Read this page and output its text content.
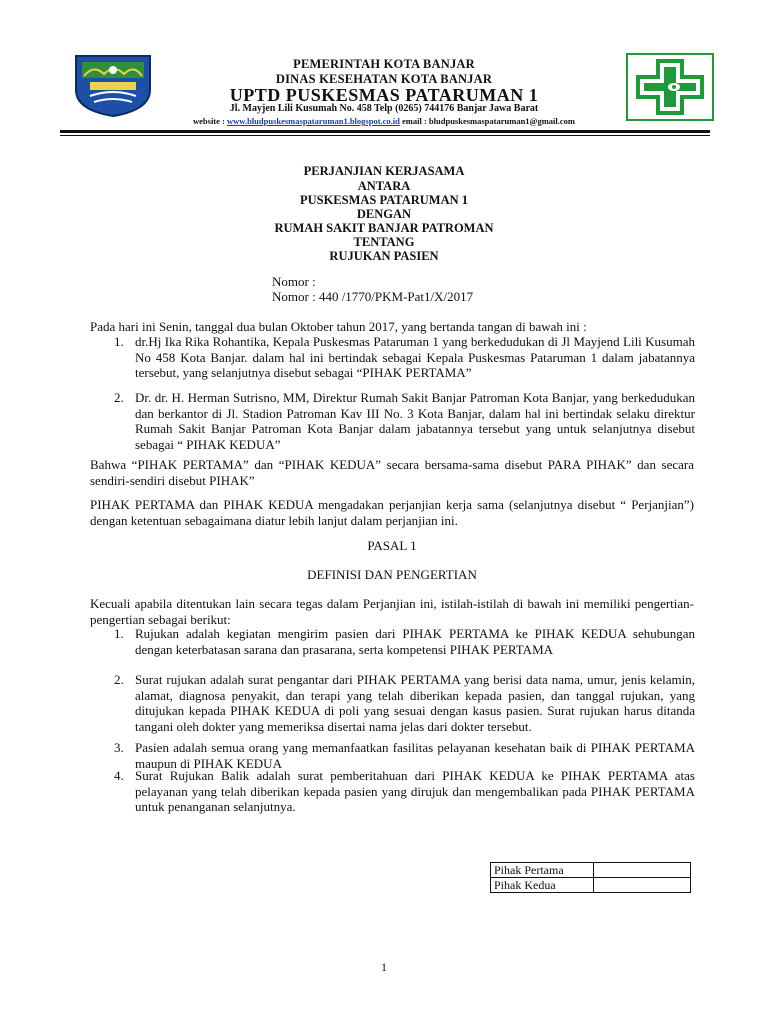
PEMERINTAH KOTA BANJAR
DINAS KESEHATAN KOTA BANJAR
UPTD PUSKESMAS PATARUMAN 1
Jl. Mayjen Lili Kusumah No. 458 Telp (0265) 744176 Banjar Jawa Barat
website : www.bludpuskesmaspataruman1.blogspot.co.id email : bludpuskesmaspataruman1@gmail.com
PERJANJIAN KERJASAMA
ANTARA
PUSKESMAS PATARUMAN 1
DENGAN
RUMAH SAKIT BANJAR PATROMAN
TENTANG
RUJUKAN PASIEN
Nomor :
Nomor : 440 /1770/PKM-Pat1/X/2017
Pada hari ini Senin, tanggal dua bulan Oktober tahun 2017, yang bertanda tangan di bawah ini :
1. dr.Hj Ika Rika Rohantika, Kepala Puskesmas Pataruman 1 yang berkedudukan di Jl Mayjend Lili Kusumah No 458 Kota Banjar. dalam hal ini bertindak sebagai Kepala Puskesmas Pataruman 1 dalam jabatannya tersebut, yang selanjutnya disebut sebagai “PIHAK PERTAMA”
2. Dr. dr. H. Herman Sutrisno, MM, Direktur Rumah Sakit Banjar Patroman Kota Banjar, yang berkedudukan dan berkantor di Jl. Stadion Patroman Kav III No. 3 Kota Banjar, dalam hal ini bertindak selaku direktur Rumah Sakit Banjar Patroman Kota Banjar dalam jabatannya tersebut yang untuk selanjutnya disebut sebagai “ PIHAK KEDUA”
Bahwa “PIHAK PERTAMA” dan “PIHAK KEDUA” secara bersama-sama disebut PARA PIHAK” dan secara sendiri-sendiri disebut PIHAK”
PIHAK PERTAMA dan PIHAK KEDUA mengadakan perjanjian kerja sama (selanjutnya disebut “ Perjanjian”) dengan ketentuan sebagaimana diatur lebih lanjut dalam perjanjian ini.
PASAL 1
DEFINISI DAN PENGERTIAN
Kecuali apabila ditentukan lain secara tegas dalam Perjanjian ini, istilah-istilah di bawah ini memiliki pengertian-pengertian sebagai berikut:
1. Rujukan adalah kegiatan mengirim pasien dari PIHAK PERTAMA ke PIHAK KEDUA sehubungan dengan keterbatasan sarana dan prasarana, serta kompetensi PIHAK PERTAMA
2. Surat rujukan adalah surat pengantar dari PIHAK PERTAMA yang berisi data nama, umur, jenis kelamin, alamat, diagnosa penyakit, dan terapi yang telah diberikan kepada pasien, dan tanggal rujukan, yang ditujukan kepada PIHAK KEDUA di poli yang sesuai dengan kasus pasien. Surat rujukan harus ditanda tangani oleh dokter yang memeriksa disertai nama jelas dari dokter tersebut.
3. Pasien adalah semua orang yang memanfaatkan fasilitas pelayanan kesehatan baik di PIHAK PERTAMA maupun di PIHAK KEDUA
4. Surat Rujukan Balik adalah surat pemberitahuan dari PIHAK KEDUA ke PIHAK PERTAMA atas pelayanan yang telah diberikan kepada pasien yang dirujuk dan mengembalikan pada PIHAK PERTAMA untuk penanganan selanjutnya.
Pihak Pertama	
Pihak Kedua	
1
